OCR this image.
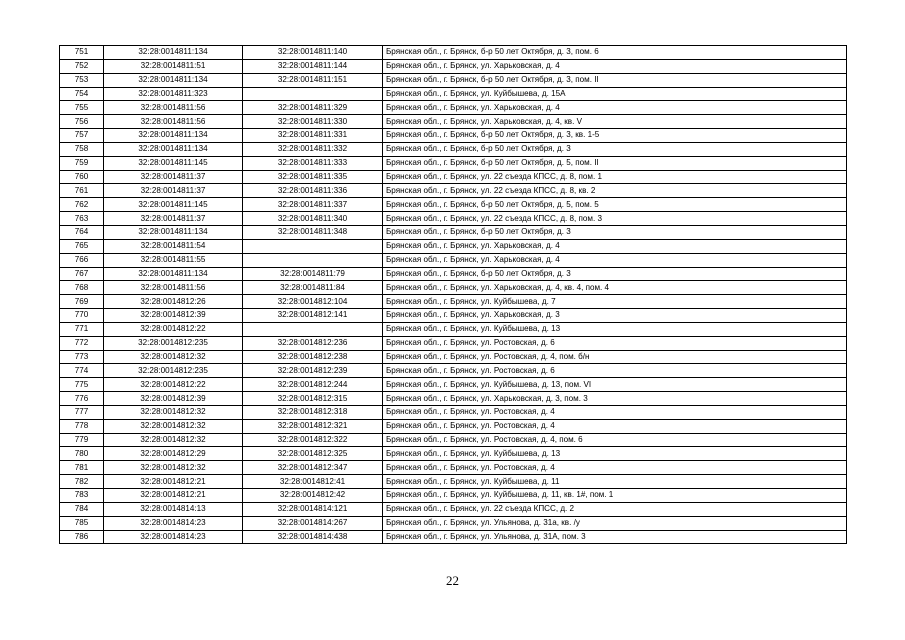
751	32:28:0014811:134	32:28:0014811:140	Брянская обл., г. Брянск, б-р 50 лет Октября, д. 3, пом. 6
752	32:28:0014811:51	32:28:0014811:144	Брянская обл., г. Брянск, ул. Харьковская, д. 4
753	32:28:0014811:134	32:28:0014811:151	Брянская обл., г. Брянск, б-р 50 лет Октября, д. 3, пом. II
754	32:28:0014811:323		Брянская обл., г. Брянск, ул. Куйбышева, д. 15А
755	32:28:0014811:56	32:28:0014811:329	Брянская обл., г. Брянск, ул. Харьковская, д. 4
756	32:28:0014811:56	32:28:0014811:330	Брянская обл., г. Брянск, ул. Харьковская, д. 4, кв. V
757	32:28:0014811:134	32:28:0014811:331	Брянская обл., г. Брянск, б-р 50 лет Октября, д. 3, кв. 1-5
758	32:28:0014811:134	32:28:0014811:332	Брянская обл., г. Брянск, б-р 50 лет Октября, д. 3
759	32:28:0014811:145	32:28:0014811:333	Брянская обл., г. Брянск, б-р 50 лет Октября, д. 5, пом. II
760	32:28:0014811:37	32:28:0014811:335	Брянская обл., г. Брянск, ул. 22 съезда КПСС, д. 8, пом. 1
761	32:28:0014811:37	32:28:0014811:336	Брянская обл., г. Брянск, ул. 22 съезда КПСС, д. 8, кв. 2
762	32:28:0014811:145	32:28:0014811:337	Брянская обл., г. Брянск, б-р 50 лет Октября, д. 5, пом. 5
763	32:28:0014811:37	32:28:0014811:340	Брянская обл., г. Брянск, ул. 22 съезда КПСС, д. 8, пом. 3
764	32:28:0014811:134	32:28:0014811:348	Брянская обл., г. Брянск, б-р 50 лет Октября, д. 3
765	32:28:0014811:54		Брянская обл., г. Брянск, ул. Харьковская, д. 4
766	32:28:0014811:55		Брянская обл., г. Брянск, ул. Харьковская, д. 4
767	32:28:0014811:134	32:28:0014811:79	Брянская обл., г. Брянск, б-р 50 лет Октября, д. 3
768	32:28:0014811:56	32:28:0014811:84	Брянская обл., г. Брянск, ул. Харьковская, д. 4, кв. 4, пом. 4
769	32:28:0014812:26	32:28:0014812:104	Брянская обл., г. Брянск, ул. Куйбышева, д. 7
770	32:28:0014812:39	32:28:0014812:141	Брянская обл., г. Брянск, ул. Харьковская, д. 3
771	32:28:0014812:22		Брянская обл., г. Брянск, ул. Куйбышева, д. 13
772	32:28:0014812:235	32:28:0014812:236	Брянская обл., г. Брянск, ул. Ростовская, д. 6
773	32:28:0014812:32	32:28:0014812:238	Брянская обл., г. Брянск, ул. Ростовская, д. 4, пом. б/н
774	32:28:0014812:235	32:28:0014812:239	Брянская обл., г. Брянск, ул. Ростовская, д. 6
775	32:28:0014812:22	32:28:0014812:244	Брянская обл., г. Брянск, ул. Куйбышева, д. 13, пом. VI
776	32:28:0014812:39	32:28:0014812:315	Брянская обл., г. Брянск, ул. Харьковская, д. 3, пом. 3
777	32:28:0014812:32	32:28:0014812:318	Брянская обл., г. Брянск, ул. Ростовская, д. 4
778	32:28:0014812:32	32:28:0014812:321	Брянская обл., г. Брянск, ул. Ростовская, д. 4
779	32:28:0014812:32	32:28:0014812:322	Брянская обл., г. Брянск, ул. Ростовская, д. 4, пом. 6
780	32:28:0014812:29	32:28:0014812:325	Брянская обл., г. Брянск, ул. Куйбышева, д. 13
781	32:28:0014812:32	32:28:0014812:347	Брянская обл., г. Брянск, ул. Ростовская, д. 4
782	32:28:0014812:21	32:28:0014812:41	Брянская обл., г. Брянск, ул. Куйбышева, д. 11
783	32:28:0014812:21	32:28:0014812:42	Брянская обл., г. Брянск, ул. Куйбышева, д. 11, кв. 1#, пом. 1
784	32:28:0014814:13	32:28:0014814:121	Брянская обл., г. Брянск, ул. 22 съезда КПСС, д. 2
785	32:28:0014814:23	32:28:0014814:267	Брянская обл., г. Брянск, ул. Ульянова, д. 31а, кв. /у
786	32:28:0014814:23	32:28:0014814:438	Брянская обл., г. Брянск, ул. Ульянова, д. 31А, пом. 3
22
